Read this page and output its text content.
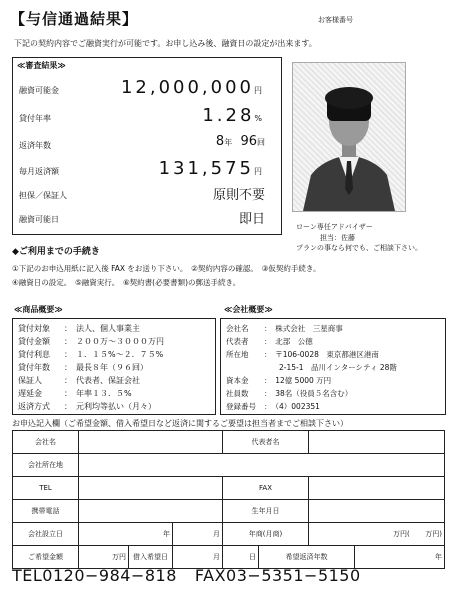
【与信通過結果】	お客様番号
下記の契約内容でご融資実行が可能です。お申し込み後、融資日の設定が出来ます。
≪審査結果≫
融資可能金	12,000,000円
貸付年率	1.28%
返済年数	8年 96回
毎月返済額	131,575円
担保／保証人	原則不要
融資可能日	即日	ローン専任アドバイザー
担当：佐藤
プランの事なら何でも、ご相談下さい。
◆ご利用までの手続き
①下記のお申込用紙に記入後 FAX をお送り下さい。　②契約内容の確認。　③仮契約手続き。
④融資日の設定。　⑤融資実行。　⑥契約書(必要書類)の郵送手続き。
≪商品概要≫	≪会社概要≫
貸付対象 ：　法人、個人事業主
貸付金額 ：　２００万〜３０００万円
貸付利息 ：　１．１５%〜２．７５%
貸付年数 ：　最長８年（９６回）
保証人	：　代表者、保証会社
遅延金	：　年率１３．５%
返済方式 ：　元利均等払い（月々）
会社名 ：　株式会社　三星商事
代表者 ：　北部　公徳
所在地 ：　〒106-0028　東京都港区港南
　　2-15-1　品川インターシティ 28階
資本金 ：　12億 5000 万円
社員数 ：　38名（役員５名含む）
登録番号 ：　（4）002351
お申込記入欄（ご希望金額、借入希望日など返済に関するご要望は担当者までご相談下さい）
会社名				代表者名			
会社所在地							
TEL				FAX			
携帯電話				生年月日			
会社設立日	年		月	年商(月商)		万円( 万円)	
ご希望金額	万円	借入希望日	月	日	希望返済年数		年
TEL0120−984−818 FAX03−5351−5150
